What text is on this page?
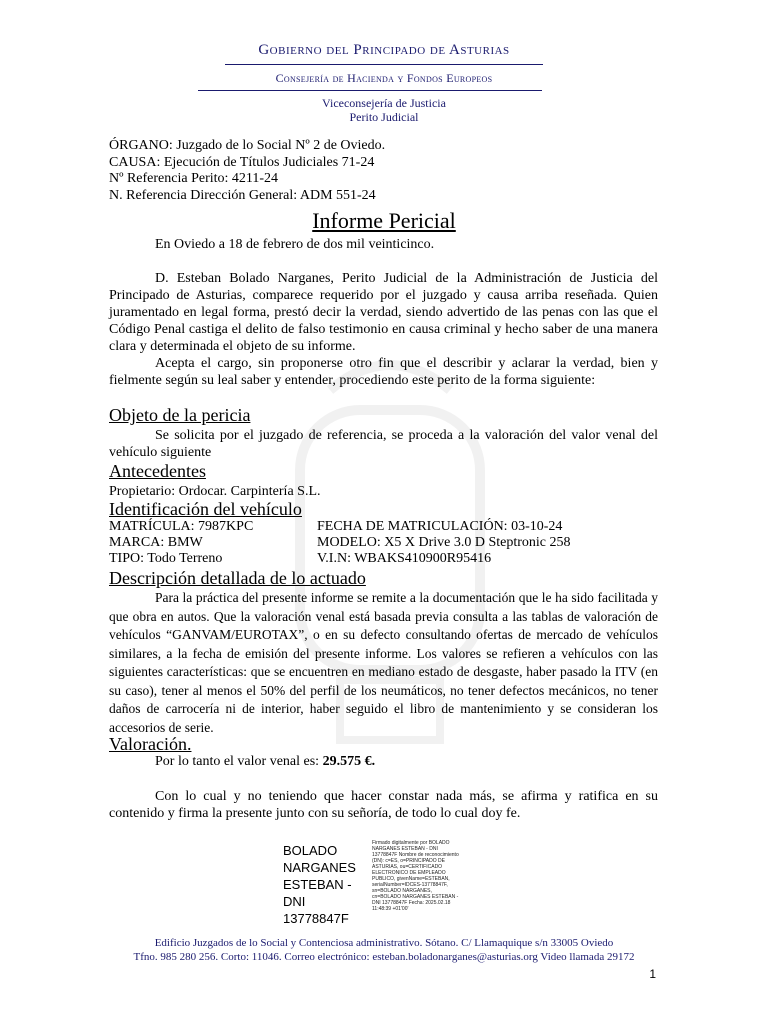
Gobierno del Principado de Asturias
Consejería de Hacienda y Fondos Europeos
Viceconsejería de Justicia
Perito Judicial
ÓRGANO: Juzgado de lo Social Nº 2 de Oviedo.
CAUSA: Ejecución de Títulos Judiciales 71-24
Nº Referencia Perito: 4211-24
N. Referencia Dirección General: ADM 551-24
Informe Pericial
En Oviedo a 18 de febrero de dos mil veinticinco.
D. Esteban Bolado Narganes, Perito Judicial de la Administración de Justicia del Principado de Asturias, comparece requerido por el juzgado y causa arriba reseñada. Quien juramentado en legal forma, prestó decir la verdad, siendo advertido de las penas con las que el Código Penal castiga el delito de falso testimonio en causa criminal y hecho saber de una manera clara y determinada el objeto de su informe.
Acepta el cargo, sin proponerse otro fin que el describir y aclarar la verdad, bien y fielmente según su leal saber y entender, procediendo este perito de la forma siguiente:
Objeto de la pericia
Se solicita por el juzgado de referencia, se proceda a la valoración del valor venal del vehículo siguiente
Antecedentes
Propietario: Ordocar. Carpintería S.L.
Identificación del vehículo
MATRÍCULA: 7987KPC	FECHA DE MATRICULACIÓN: 03-10-24
MARCA: BMW	MODELO: X5 X Drive 3.0 D Steptronic 258
TIPO: Todo Terreno	V.I.N: WBAKS410900R95416
Descripción detallada de lo actuado
Para la práctica del presente informe se remite a la documentación que le ha sido facilitada y que obra en autos. Que la valoración venal está basada previa consulta a las tablas de valoración de vehículos “GANVAM/EUROTAX”, o en su defecto consultando ofertas de mercado de vehículos similares, a la fecha de emisión del presente informe. Los valores se refieren a vehículos con las siguientes características: que se encuentren en mediano estado de desgaste, haber pasado la ITV (en su caso), tener al menos el 50% del perfil de los neumáticos, no tener defectos mecánicos, no tener daños de carrocería ni de interior, haber seguido el libro de mantenimiento y se consideran los accesorios de serie.
Valoración.
Por lo tanto el valor venal es: 29.575 €.
Con lo cual y no teniendo que hacer constar nada más, se afirma y ratifica en su contenido y firma la presente junto con su señoría, de todo lo cual doy fe.
BOLADO
NARGANES
ESTEBAN -
DNI
13778847F
Firmado digitalmente por BOLADO NARGANES ESTEBAN - DNI 13778847F Nombre de reconocimiento (DN): c=ES, o=PRINCIPADO DE ASTURIAS, ou=CERTIFICADO ELECTRONICO DE EMPLEADO PUBLICO, givenName=ESTEBAN, serialNumber=IDCES-13778847F, sn=BOLADO NARGANES, cn=BOLADO NARGANES ESTEBAN - DNI 13778847F Fecha: 2025.02.18 11:48:39 +01'00'
Edificio Juzgados de lo Social y Contenciosa administrativo. Sótano. C/ Llamaquique s/n 33005 Oviedo
Tfno. 985 280 256. Corto: 11046. Correo electrónico: esteban.boladonarganes@asturias.org Video llamada 29172
1
